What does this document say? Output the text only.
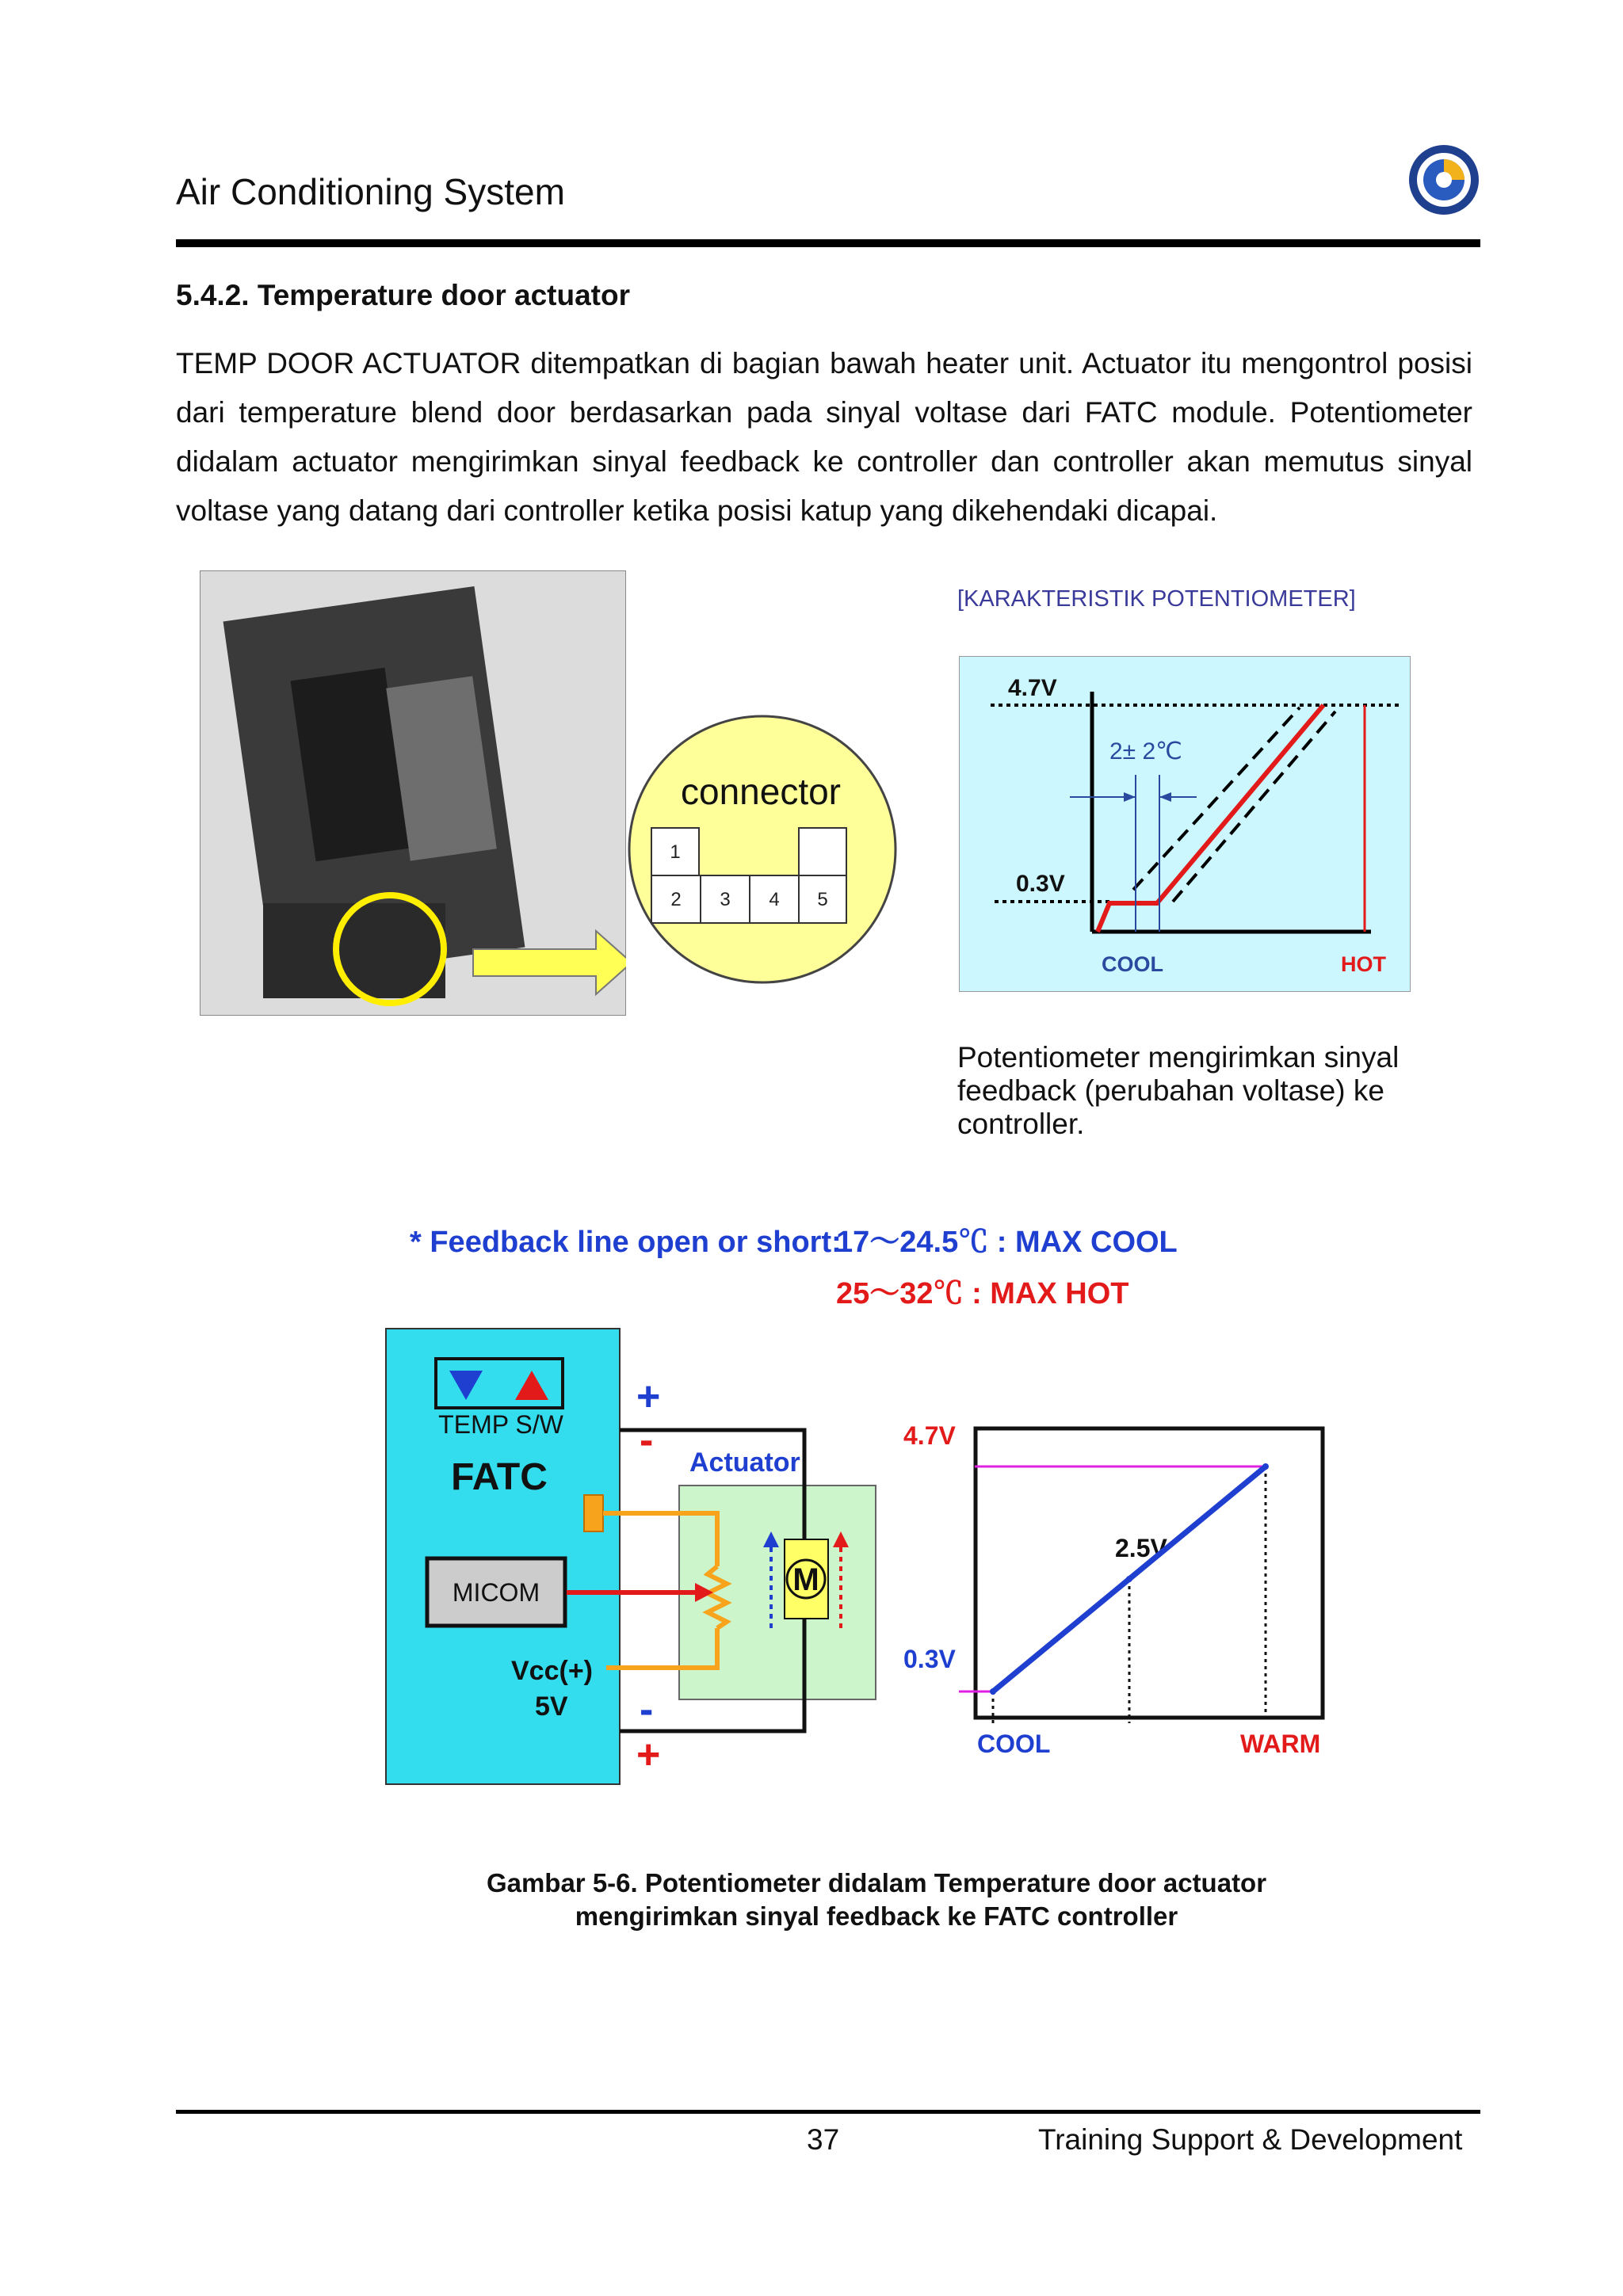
Air Conditioning System
5.4.2. Temperature door actuator
TEMP DOOR ACTUATOR ditempatkan di bagian bawah heater unit. Actuator itu mengontrol posisi dari temperature blend door berdasarkan pada sinyal voltase dari FATC module. Potentiometer didalam actuator mengirimkan sinyal feedback ke controller dan controller akan memutus sinyal voltase yang datang dari controller ketika posisi katup yang dikehendaki dicapai.
connector
1
2 3 4 5
[KARAKTERISTIK POTENTIOMETER]
4.7V
0.3V
2± 2℃
COOL	HOT
Potentiometer mengirimkan sinyal feedback (perubahan voltase) ke controller.
* Feedback line open or short:
17～24.5℃ : MAX COOL
25～32℃ : MAX HOT
TEMP S/W
FATC
MICOM
Vcc(+)
5V
Actuator
+
-
-
+
M
4.7V
0.3V
COOL	WARM
2.5V
Gambar 5-6. Potentiometer didalam Temperature door actuator
mengirimkan sinyal feedback ke FATC controller
37	Training Support & Development
